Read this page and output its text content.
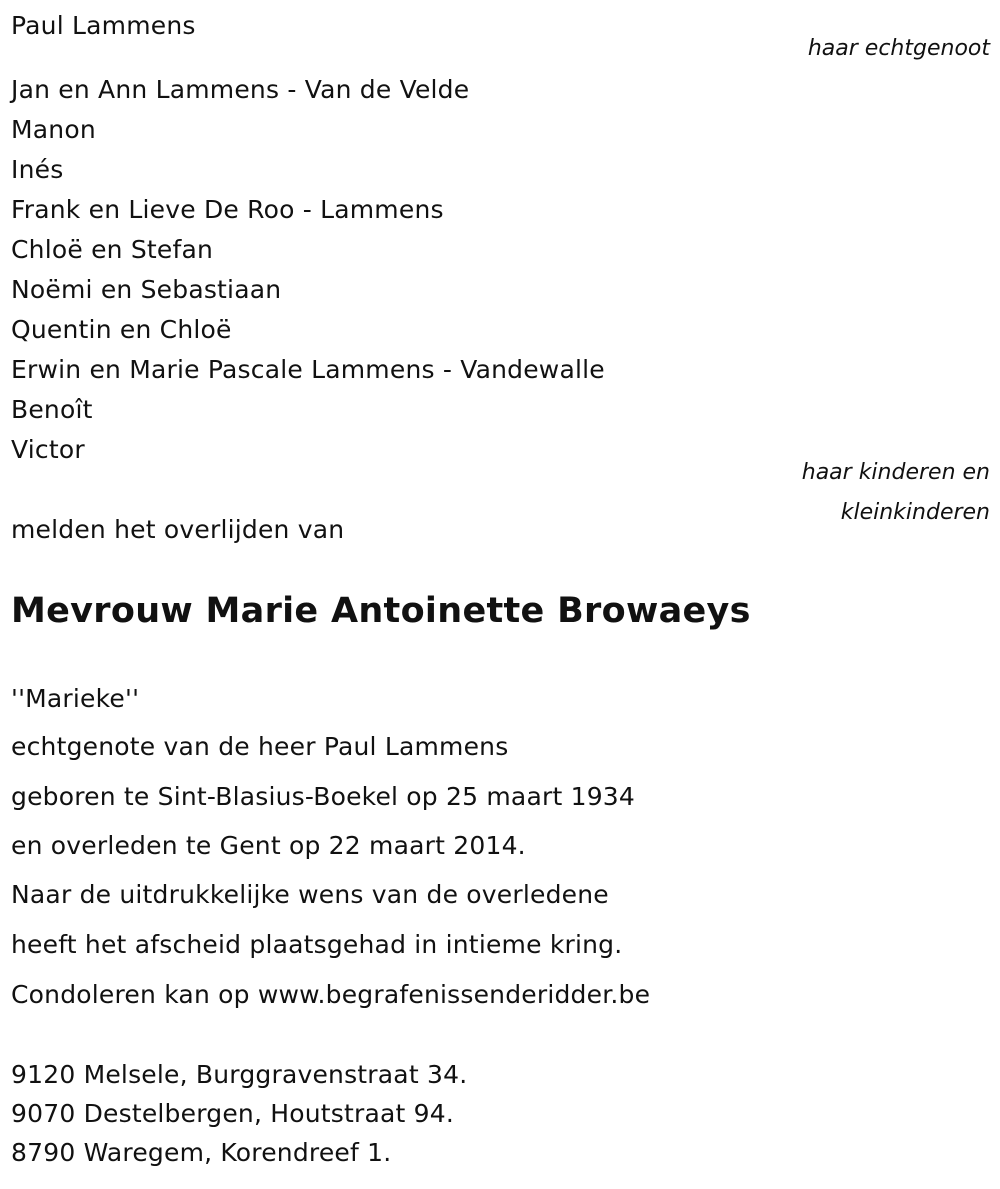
Paul Lammens
haar echtgenoot
Jan en Ann Lammens - Van de Velde
Manon
Inés
Frank en Lieve De Roo - Lammens
Chloë en Stefan
Noëmi en Sebastiaan
Quentin en Chloë
Erwin en Marie Pascale Lammens - Vandewalle
Benoît
Victor
haar kinderen en
kleinkinderen
melden het overlijden van
Mevrouw Marie Antoinette Browaeys
''Marieke''
echtgenote van de heer Paul Lammens
geboren te Sint-Blasius-Boekel op 25 maart 1934
en overleden te Gent op 22 maart 2014.
Naar de uitdrukkelijke wens van de overledene
heeft het afscheid plaatsgehad in intieme kring.
Condoleren kan op www.begrafenissenderidder.be
9120 Melsele, Burggravenstraat 34.
9070 Destelbergen, Houtstraat 94.
8790 Waregem, Korendreef 1.
